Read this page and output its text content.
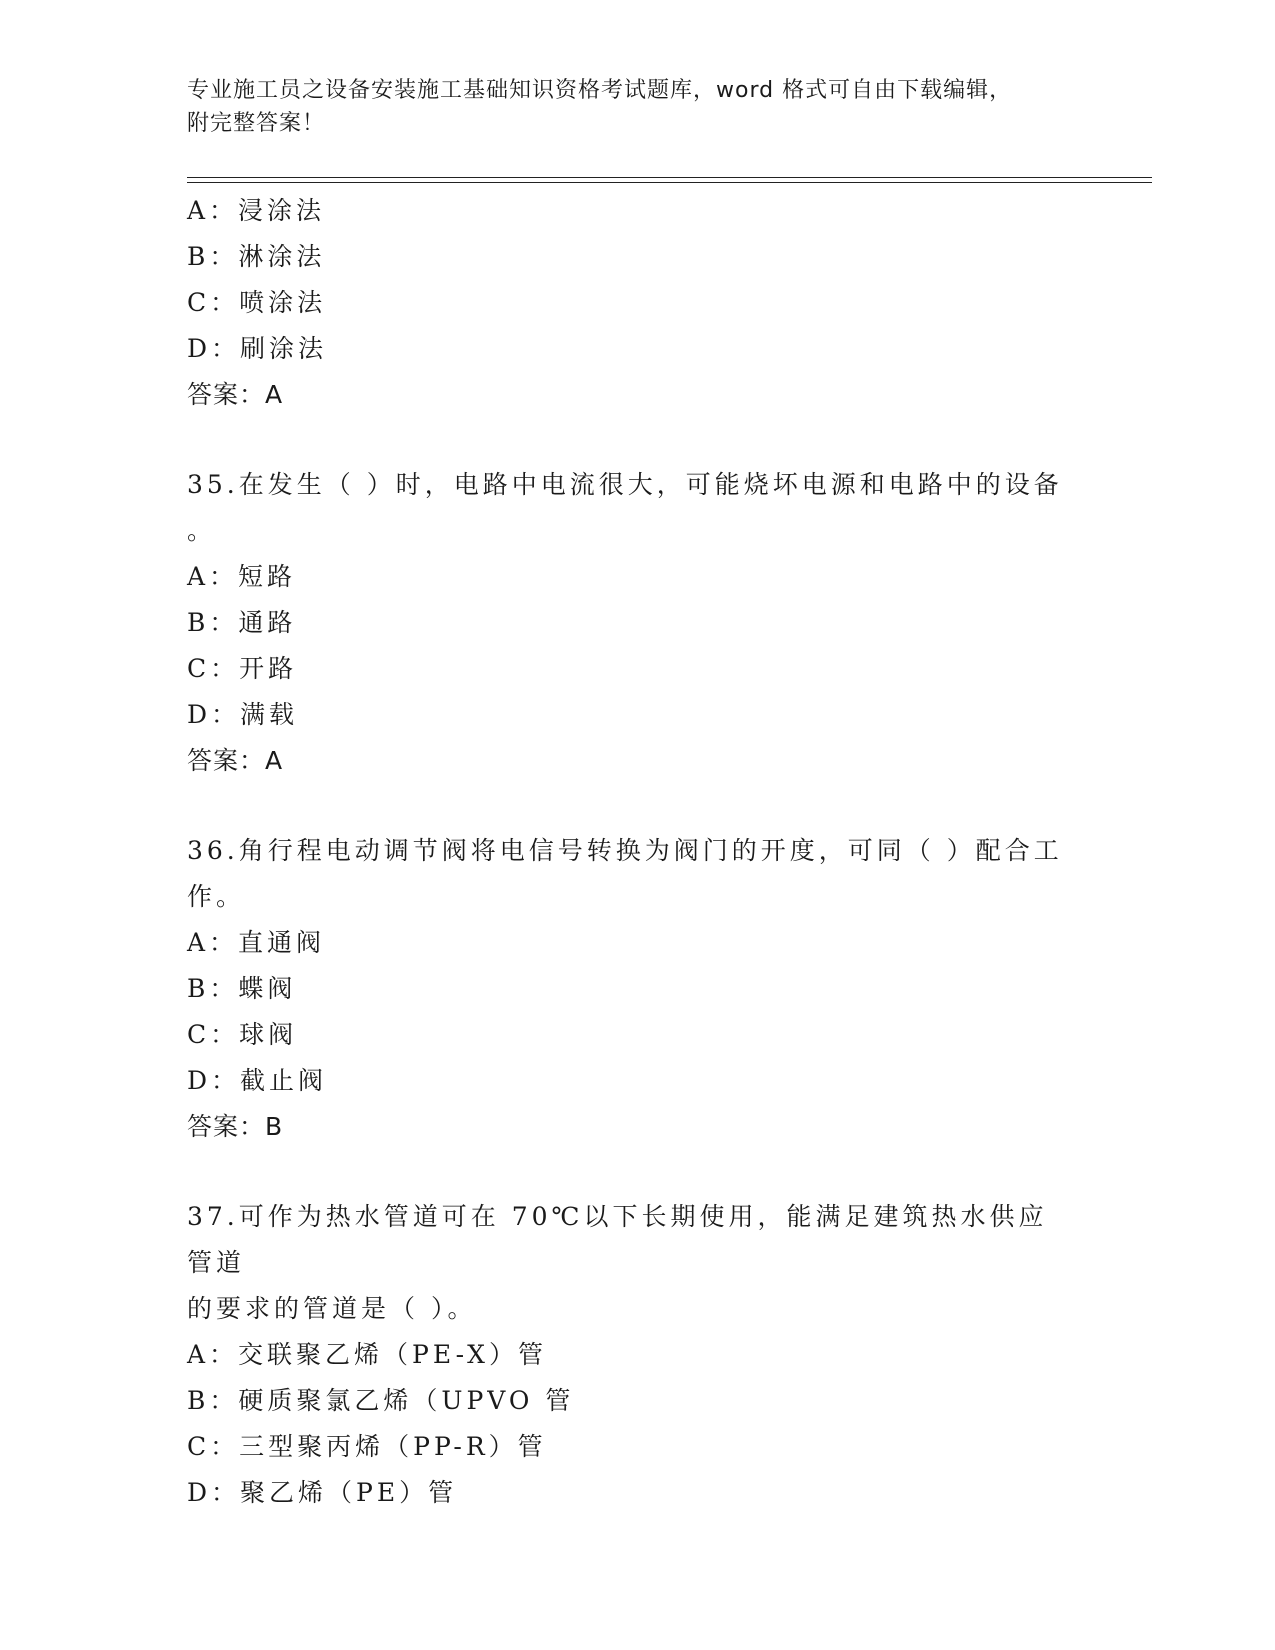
专业施工员之设备安装施工基础知识资格考试题库，word 格式可自由下载编辑，
附完整答案！
A：浸涂法
B：淋涂法
C：喷涂法
D：刷涂法
答案：A
35.在发生（ ）时，电路中电流很大，可能烧坏电源和电路中的设备
。
A：短路
B：通路
C：开路
D：满载
答案：A
36.角行程电动调节阀将电信号转换为阀门的开度，可同（ ）配合工
作。
A：直通阀
B：蝶阀
C：球阀
D：截止阀
答案：B
37.可作为热水管道可在 70℃以下长期使用，能满足建筑热水供应管道
的要求的管道是（ ）。
A：交联聚乙烯（PE-X）管
B：硬质聚氯乙烯（UPVO 管
C：三型聚丙烯（PP-R）管
D：聚乙烯（PE）管
